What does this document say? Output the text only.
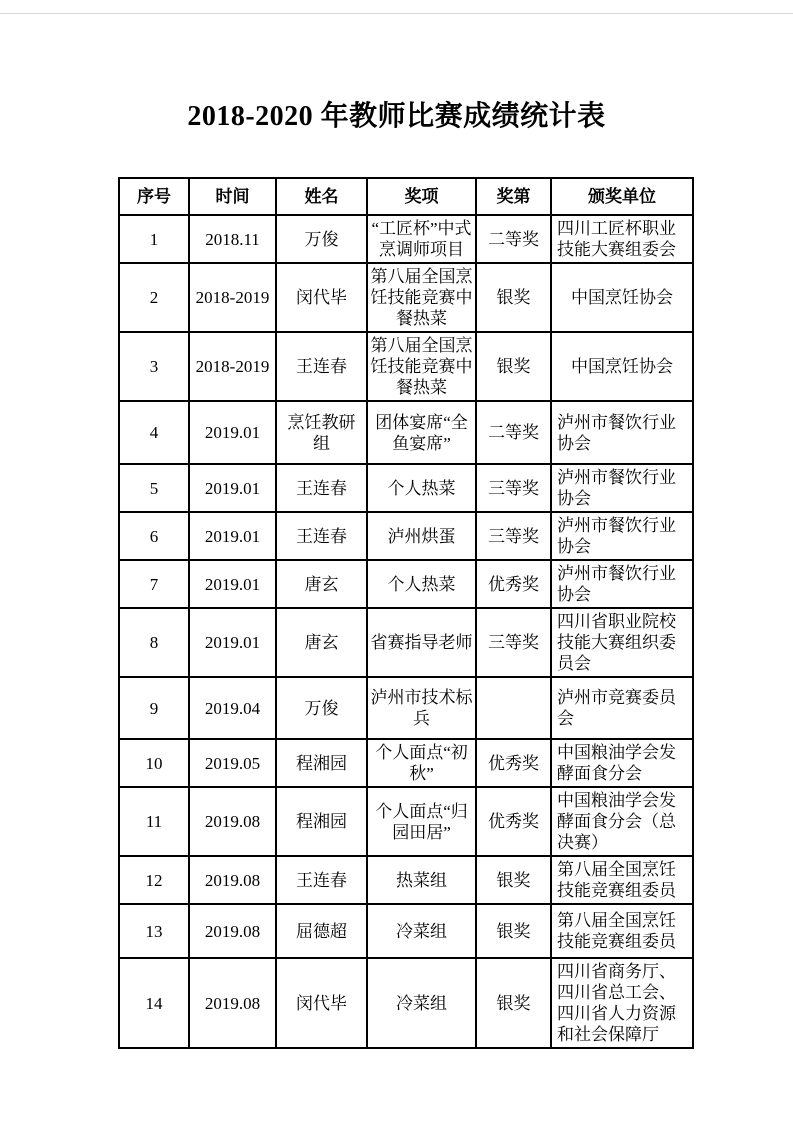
2018-2020 年教师比赛成绩统计表
序号	时间	姓名	奖项	奖第	颁奖单位
1	2018.11	万俊	“工匠杯”中式烹调师项目	二等奖	四川工匠杯职业技能大赛组委会
2	2018-2019	闵代毕	第八届全国烹饪技能竞赛中餐热菜	银奖	中国烹饪协会
3	2018-2019	王连春	第八届全国烹饪技能竞赛中餐热菜	银奖	中国烹饪协会
4	2019.01	烹饪教研组	团体宴席“全鱼宴席”	二等奖	泸州市餐饮行业协会
5	2019.01	王连春	个人热菜	三等奖	泸州市餐饮行业协会
6	2019.01	王连春	泸州烘蛋	三等奖	泸州市餐饮行业协会
7	2019.01	唐玄	个人热菜	优秀奖	泸州市餐饮行业协会
8	2019.01	唐玄	省赛指导老师	三等奖	四川省职业院校技能大赛组织委员会
9	2019.04	万俊	泸州市技术标兵		泸州市竞赛委员会
10	2019.05	程湘园	个人面点“初秋”	优秀奖	中国粮油学会发酵面食分会
11	2019.08	程湘园	个人面点“归园田居”	优秀奖	中国粮油学会发酵面食分会（总决赛）
12	2019.08	王连春	热菜组	银奖	第八届全国烹饪技能竞赛组委员
13	2019.08	屈德超	冷菜组	银奖	第八届全国烹饪技能竞赛组委员
14	2019.08	闵代毕	冷菜组	银奖	四川省商务厅、四川省总工会、四川省人力资源和社会保障厅
